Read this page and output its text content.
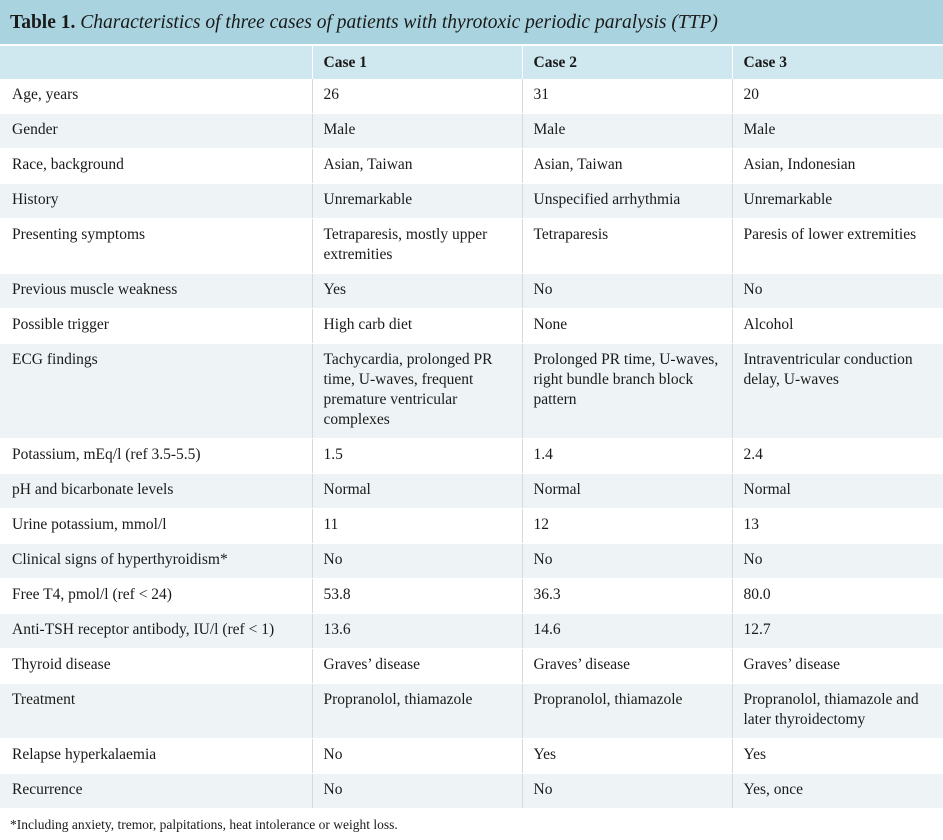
Table 1. Characteristics of three cases of patients with thyrotoxic periodic paralysis (TTP)
	Case 1	Case 2	Case 3
Age, years	26	31	20
Gender	Male	Male	Male
Race, background	Asian, Taiwan	Asian, Taiwan	Asian, Indonesian
History	Unremarkable	Unspecified arrhythmia	Unremarkable
Presenting symptoms	Tetraparesis, mostly upper extremities	Tetraparesis	Paresis of lower extremities
Previous muscle weakness	Yes	No	No
Possible trigger	High carb diet	None	Alcohol
ECG findings	Tachycardia, prolonged PR time, U-waves, frequent premature ventricular complexes	Prolonged PR time, U-waves, right bundle branch block pattern	Intraventricular conduction delay, U-waves
Potassium, mEq/l (ref 3.5-5.5)	1.5	1.4	2.4
pH and bicarbonate levels	Normal	Normal	Normal
Urine potassium, mmol/l	11	12	13
Clinical signs of hyperthyroidism*	No	No	No
Free T4, pmol/l (ref < 24)	53.8	36.3	80.0
Anti-TSH receptor antibody, IU/l (ref < 1)	13.6	14.6	12.7
Thyroid disease	Graves’ disease	Graves’ disease	Graves’ disease
Treatment	Propranolol, thiamazole	Propranolol, thiamazole	Propranolol, thiamazole and later thyroidectomy
Relapse hyperkalaemia	No	Yes	Yes
Recurrence	No	No	Yes, once
*Including anxiety, tremor, palpitations, heat intolerance or weight loss.
